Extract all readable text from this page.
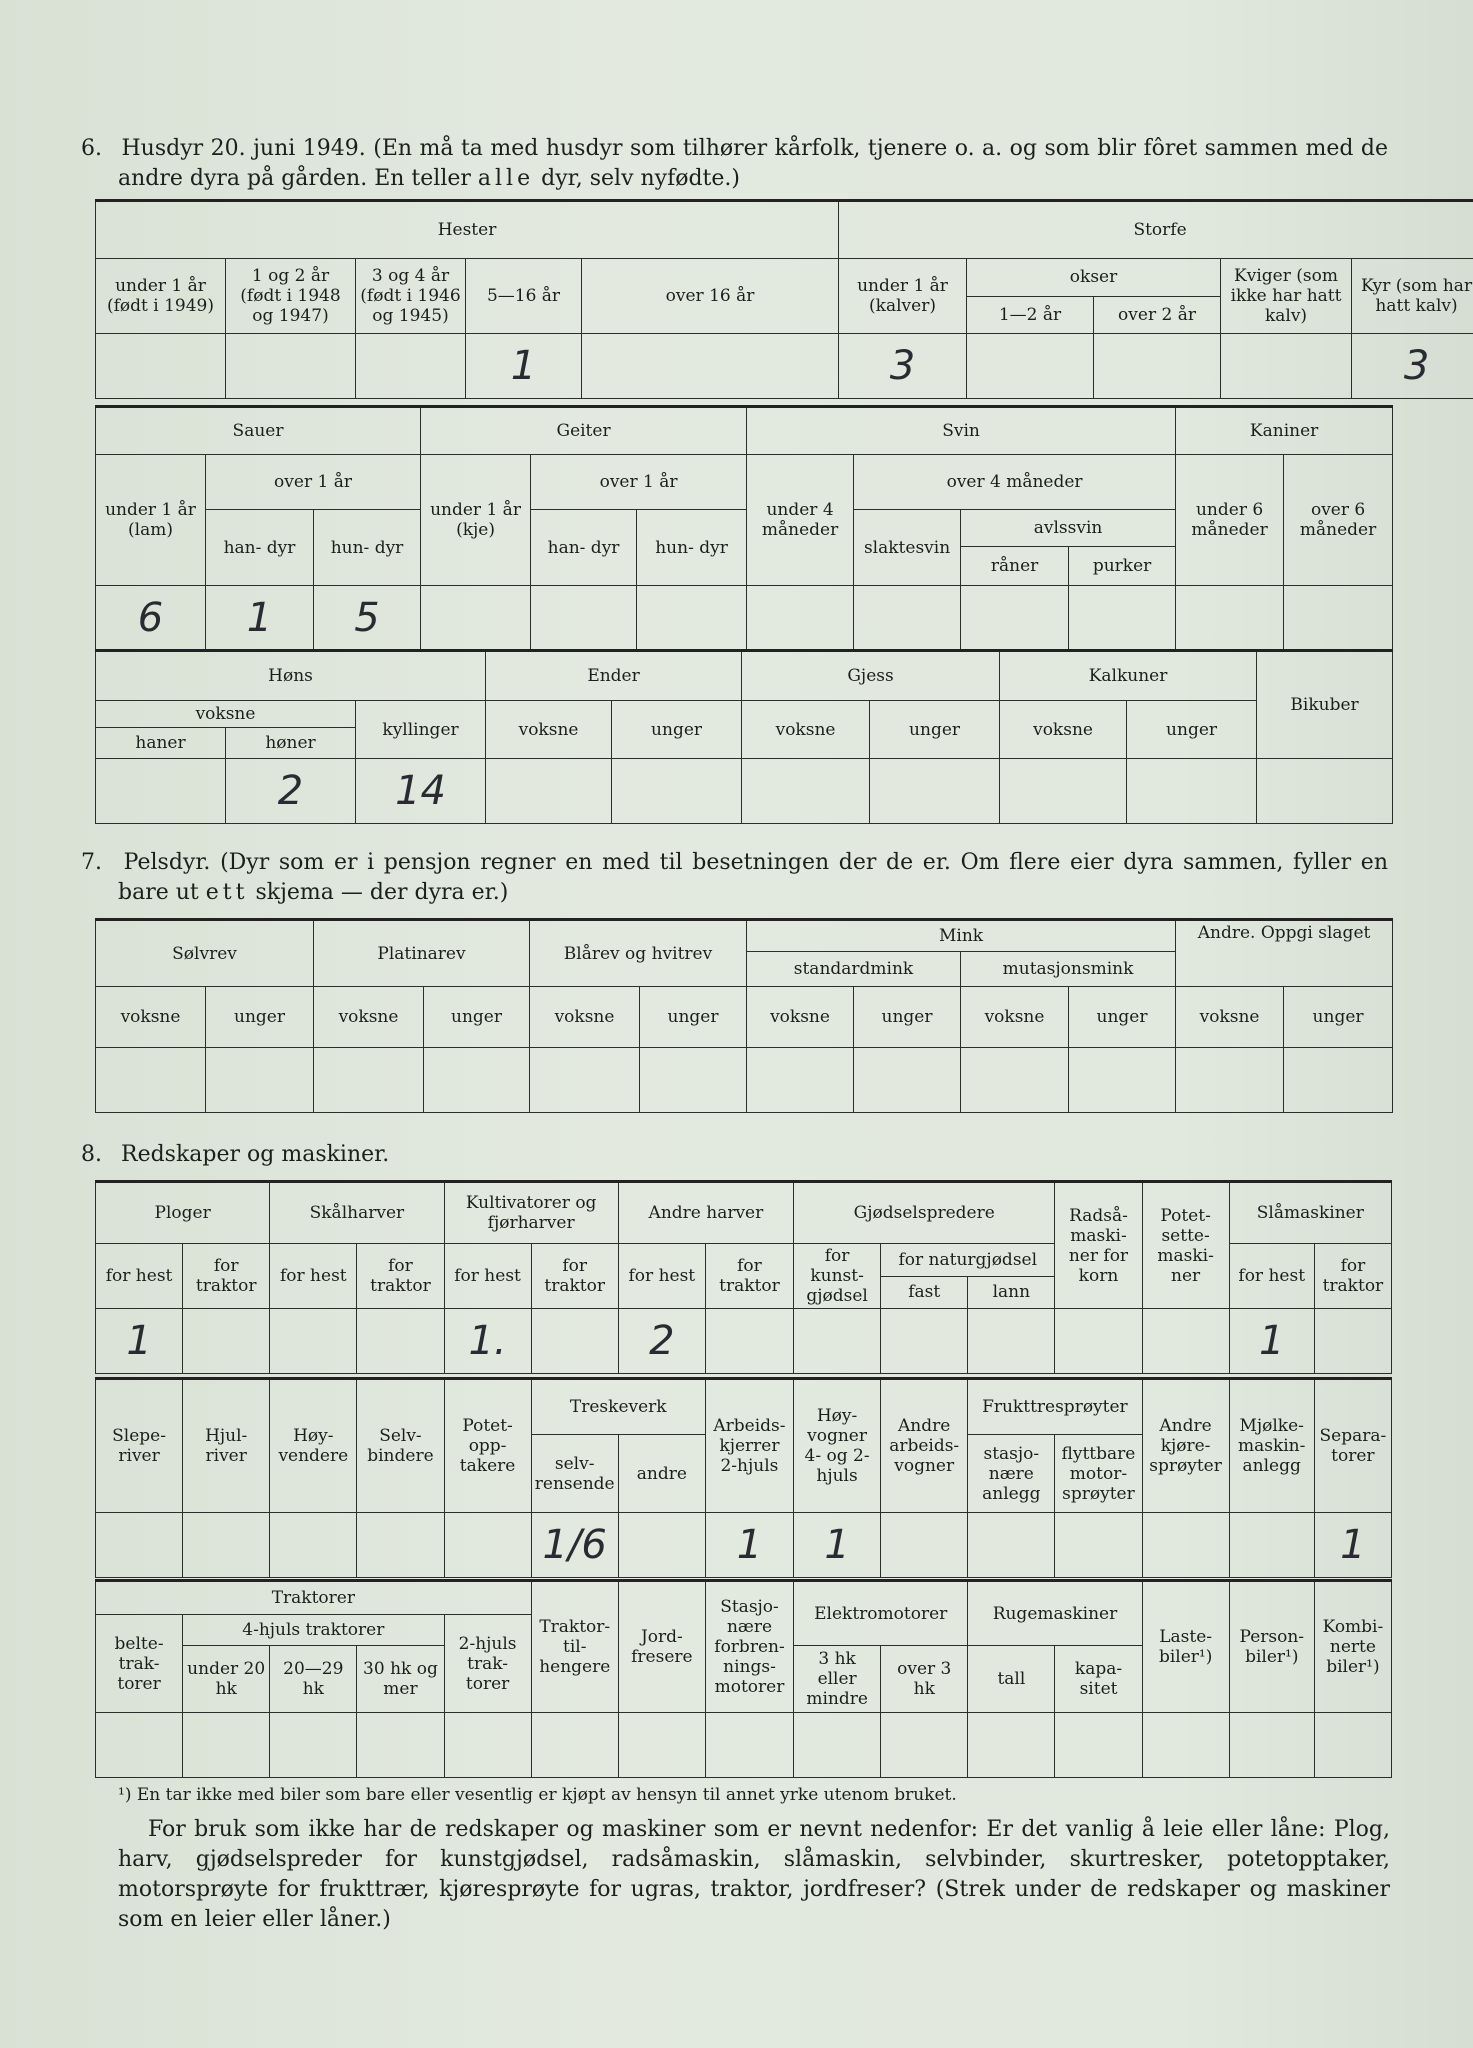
6. Husdyr 20. juni 1949. (En må ta med husdyr som tilhører kårfolk, tjenere o. a. og som blir fôret sammen med de andre dyra på gården. En teller alle dyr, selv nyfødte.)
Hester					Storfe				
under 1 år (født i 1949)	1 og 2 år (født i 1948 og 1947)	3 og 4 år (født i 1946 og 1945)	5—16 år	over 16 år	under 1 år (kalver)	okser		Kviger (som ikke har hatt kalv)	Kyr (som har hatt kalv)
						1—2 år	over 2 år		
			1		3				3
Sauer			Geiter			Svin				Kaniner	
under 1 år (lam)	over 1 år		under 1 år (kje)	over 1 år		under 4 måneder	over 4 måneder			under 6 måneder	over 6 måneder
	han- dyr	hun- dyr		han- dyr	hun- dyr		slaktesvin	avlssvin			
								råner	purker		
6	1	5									
Høns			Ender		Gjess		Kalkuner		Bikuber
voksne		kyllinger	voksne	unger	voksne	unger	voksne	unger	
haner	høner								
	2	14							
7. Pelsdyr. (Dyr som er i pensjon regner en med til besetningen der de er. Om flere eier dyra sammen, fyller en bare ut ett skjema — der dyra er.)
Sølvrev		Platinarev		Blårev og hvitrev		Mink				Andre. Oppgi slaget	
						standardmink		mutasjonsmink			
voksne	unger	voksne	unger	voksne	unger	voksne	unger	voksne	unger	voksne	unger

8. Redskaper og maskiner.
Ploger		Skålharver		Kultivatorer og fjørharver		Andre harver		Gjødselspredere			Radså- maski- ner for korn	Potet- sette- maski- ner	Slåmaskiner	
for hest	for traktor	for hest	for traktor	for hest	for traktor	for hest	for traktor	for kunst- gjødsel	for naturgjødsel				for hest	for traktor
									fast	lann				
1				1.		2							1	
Slepe- river	Hjul- river	Høy- vendere	Selv- bindere	Potet- opp- takere	Treskeverk		Arbeids- kjerrer 2-hjuls	Høy- vogner 4- og 2- hjuls	Andre arbeids- vogner	Frukttresprøyter		Andre kjøre- sprøyter	Mjølke- maskin- anlegg	Separa- torer
					selv- rensende	andre				stasjo- nære anlegg	flyttbare motor- sprøyter			
					1/6		1	1						1
Traktorer					Traktor- til- hengere	Jord- fresere	Stasjo- nære forbren- nings- motorer	Elektromotorer		Rugemaskiner		Laste- biler¹)	Person- biler¹)	Kombi- nerte biler¹)
belte- trak- torer	4-hjuls traktorer			2-hjuls trak- torer										
	under 20 hk	20—29 hk	30 hk og mer					3 hk eller mindre	over 3 hk	tall	kapa- sitet			

¹) En tar ikke med biler som bare eller vesentlig er kjøpt av hensyn til annet yrke utenom bruket.
For bruk som ikke har de redskaper og maskiner som er nevnt nedenfor: Er det vanlig å leie eller låne: Plog, harv, gjødselspreder for kunstgjødsel, radsåmaskin, slåmaskin, selvbinder, skurtresker, potetopptaker, motorsprøyte for frukttrær, kjøresprøyte for ugras, traktor, jordfreser? (Strek under de redskaper og maskiner som en leier eller låner.)
